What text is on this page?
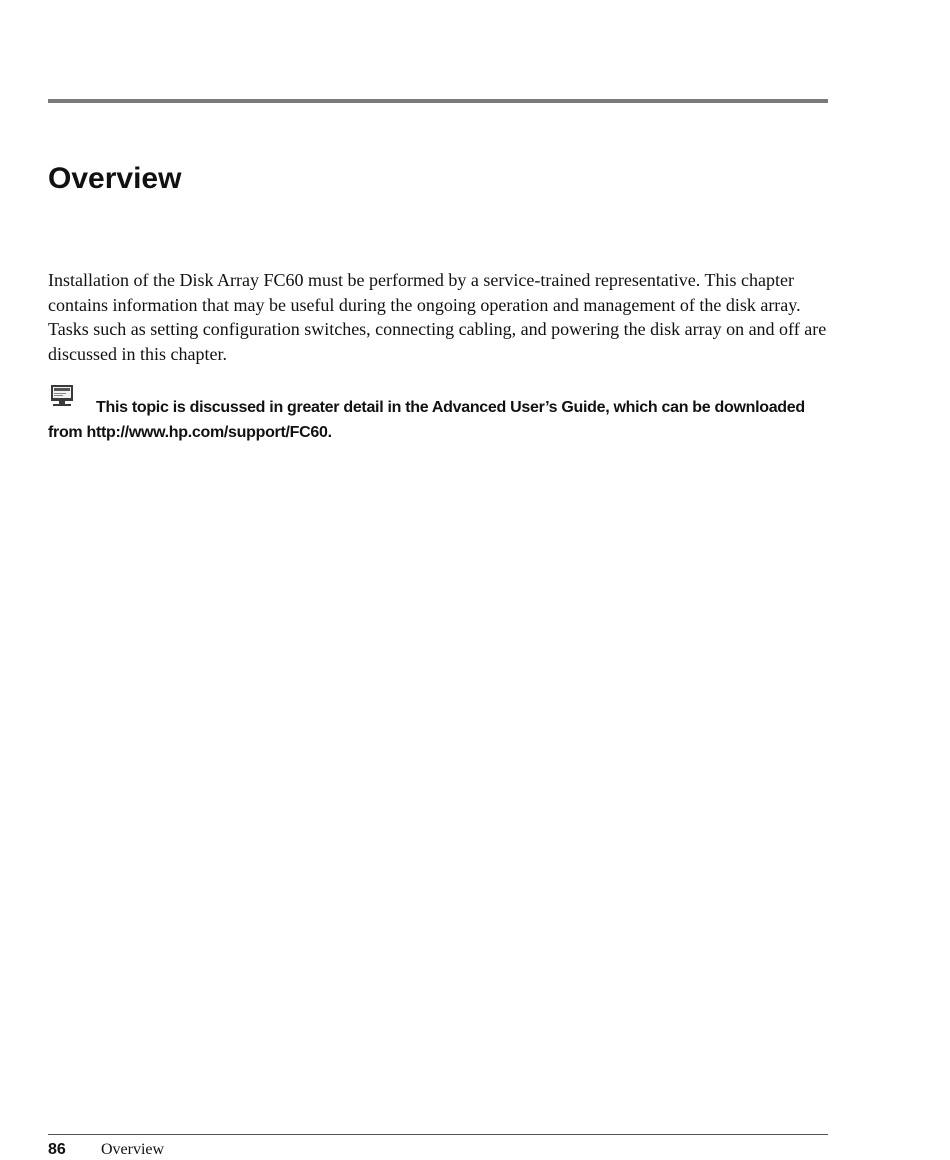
Overview

Installation of the Disk Array FC60 must be performed by a service-trained representative. This chapter contains information that may be useful during the ongoing operation and management of the disk array. Tasks such as setting configuration switches, connecting cabling, and powering the disk array on and off are discussed in this chapter.

This topic is discussed in greater detail in the Advanced User’s Guide, which can be downloaded from http://www.hp.com/support/FC60.

86 Overview
